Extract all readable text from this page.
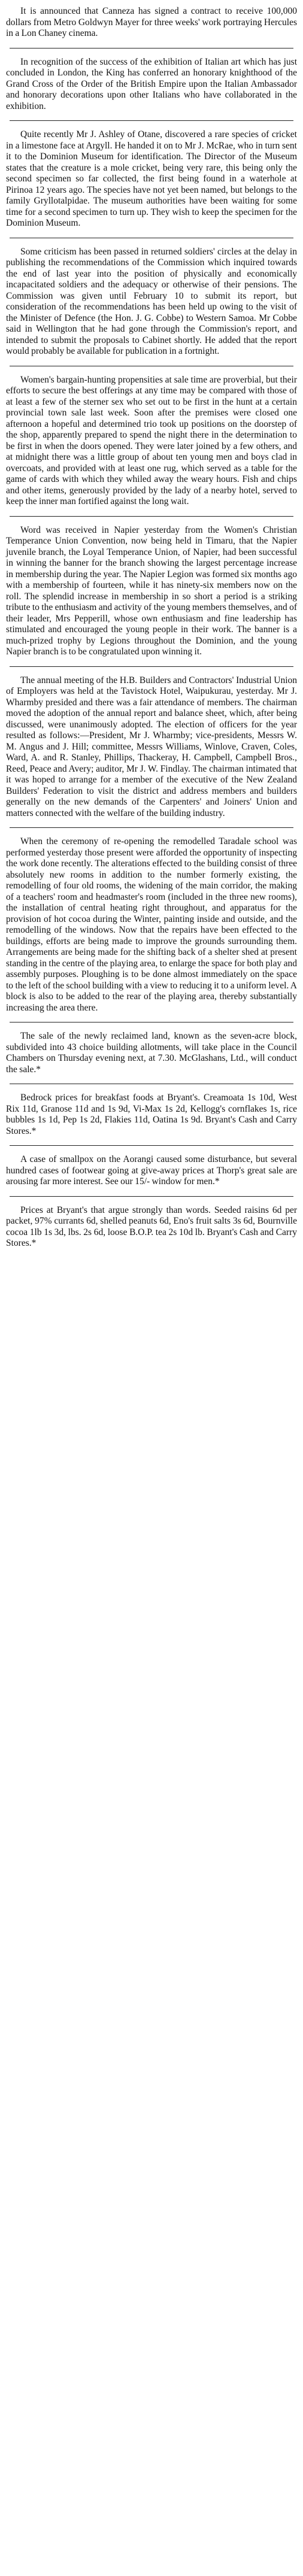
It is announced that Canneza has signed a contract to receive 100,000 dollars from Metro Goldwyn Mayer for three weeks' work portraying Hercules in a Lon Chaney cinema.

In recognition of the success of the exhibition of Italian art which has just concluded in London, the King has conferred an honorary knighthood of the Grand Cross of the Order of the British Empire upon the Italian Ambassador and honorary decorations upon other Italians who have collaborated in the exhibition.

Quite recently Mr J. Ashley of Otane, discovered a rare species of cricket in a limestone face at Argyll. He handed it on to Mr J. McRae, who in turn sent it to the Dominion Museum for identification. The Director of the Museum states that the creature is a mole cricket, being very rare, this being only the second specimen so far collected, the first being found in a waterhole at Pirinoa 12 years ago. The species have not yet been named, but belongs to the family Gryllotalpidae. The museum authorities have been waiting for some time for a second specimen to turn up. They wish to keep the specimen for the Dominion Museum.

Some criticism has been passed in returned soldiers' circles at the delay in publishing the recommendations of the Commission which inquired towards the end of last year into the position of physically and economically incapacitated soldiers and the adequacy or otherwise of their pensions. The Commission was given until February 10 to submit its report, but consideration of the recommendations has been held up owing to the visit of the Minister of Defence (the Hon. J. G. Cobbe) to Western Samoa. Mr Cobbe said in Wellington that he had gone through the Commission's report, and intended to submit the proposals to Cabinet shortly. He added that the report would probably be available for publication in a fortnight.

Women's bargain-hunting propensities at sale time are proverbial, but their efforts to secure the best offerings at any time may be compared with those of at least a few of the sterner sex who set out to be first in the hunt at a certain provincial town sale last week. Soon after the premises were closed one afternoon a hopeful and determined trio took up positions on the doorstep of the shop, apparently prepared to spend the night there in the determination to be first in when the doors opened. They were later joined by a few others, and at midnight there was a little group of about ten young men and boys clad in overcoats, and provided with at least one rug, which served as a table for the game of cards with which they whiled away the weary hours. Fish and chips and other items, generously provided by the lady of a nearby hotel, served to keep the inner man fortified against the long wait.

Word was received in Napier yesterday from the Women's Christian Temperance Union Convention, now being held in Timaru, that the Napier juvenile branch, the Loyal Temperance Union, of Napier, had been successful in winning the banner for the branch showing the largest percentage increase in membership during the year. The Napier Legion was formed six months ago with a membership of fourteen, while it has ninety-six members now on the roll. The splendid increase in membership in so short a period is a striking tribute to the enthusiasm and activity of the young members themselves, and of their leader, Mrs Pepperill, whose own enthusiasm and fine leadership has stimulated and encouraged the young people in their work. The banner is a much-prized trophy by Legions throughout the Dominion, and the young Napier branch is to be congratulated upon winning it.

The annual meeting of the H.B. Builders and Contractors' Industrial Union of Employers was held at the Tavistock Hotel, Waipukurau, yesterday. Mr J. Wharmby presided and there was a fair attendance of members. The chairman moved the adoption of the annual report and balance sheet, which, after being discussed, were unanimously adopted. The election of officers for the year resulted as follows:—President, Mr J. Wharmby; vice-presidents, Messrs W. M. Angus and J. Hill; committee, Messrs Williams, Winlove, Craven, Coles, Ward, A. and R. Stanley, Phillips, Thackeray, H. Campbell, Campbell Bros., Reed, Peace and Avery; auditor, Mr J. W. Findlay. The chairman intimated that it was hoped to arrange for a member of the executive of the New Zealand Builders' Federation to visit the district and address members and builders generally on the new demands of the Carpenters' and Joiners' Union and matters connected with the welfare of the building industry.

When the ceremony of re-opening the remodelled Taradale school was performed yesterday those present were afforded the opportunity of inspecting the work done recently. The alterations effected to the building consist of three absolutely new rooms in addition to the number formerly existing, the remodelling of four old rooms, the widening of the main corridor, the making of a teachers' room and headmaster's room (included in the three new rooms), the installation of central heating right throughout, and apparatus for the provision of hot cocoa during the Winter, painting inside and outside, and the remodelling of the windows. Now that the repairs have been effected to the buildings, efforts are being made to improve the grounds surrounding them. Arrangements are being made for the shifting back of a shelter shed at present standing in the centre of the playing area, to enlarge the space for both play and assembly purposes. Ploughing is to be done almost immediately on the space to the left of the school building with a view to reducing it to a uniform level. A block is also to be added to the rear of the playing area, thereby substantially increasing the area there.

The sale of the newly reclaimed land, known as the seven-acre block, subdivided into 43 choice building allotments, will take place in the Council Chambers on Thursday evening next, at 7.30. McGlashans, Ltd., will conduct the sale.*

Bedrock prices for breakfast foods at Bryant's. Creamoata 1s 10d, West Rix 11d, Granose 11d and 1s 9d, Vi-Max 1s 2d, Kellogg's cornflakes 1s, rice bubbles 1s 1d, Pep 1s 2d, Flakies 11d, Oatina 1s 9d. Bryant's Cash and Carry Stores.*

A case of smallpox on the Aorangi caused some disturbance, but several hundred cases of footwear going at give-away prices at Thorp's great sale are arousing far more interest. See our 15/- window for men.*

Prices at Bryant's that argue strongly than words. Seeded raisins 6d per packet, 97% currants 6d, shelled peanuts 6d, Eno's fruit salts 3s 6d, Bournville cocoa 1lb 1s 3d, lbs. 2s 6d, loose B.O.P. tea 2s 10d lb. Bryant's Cash and Carry Stores.*
